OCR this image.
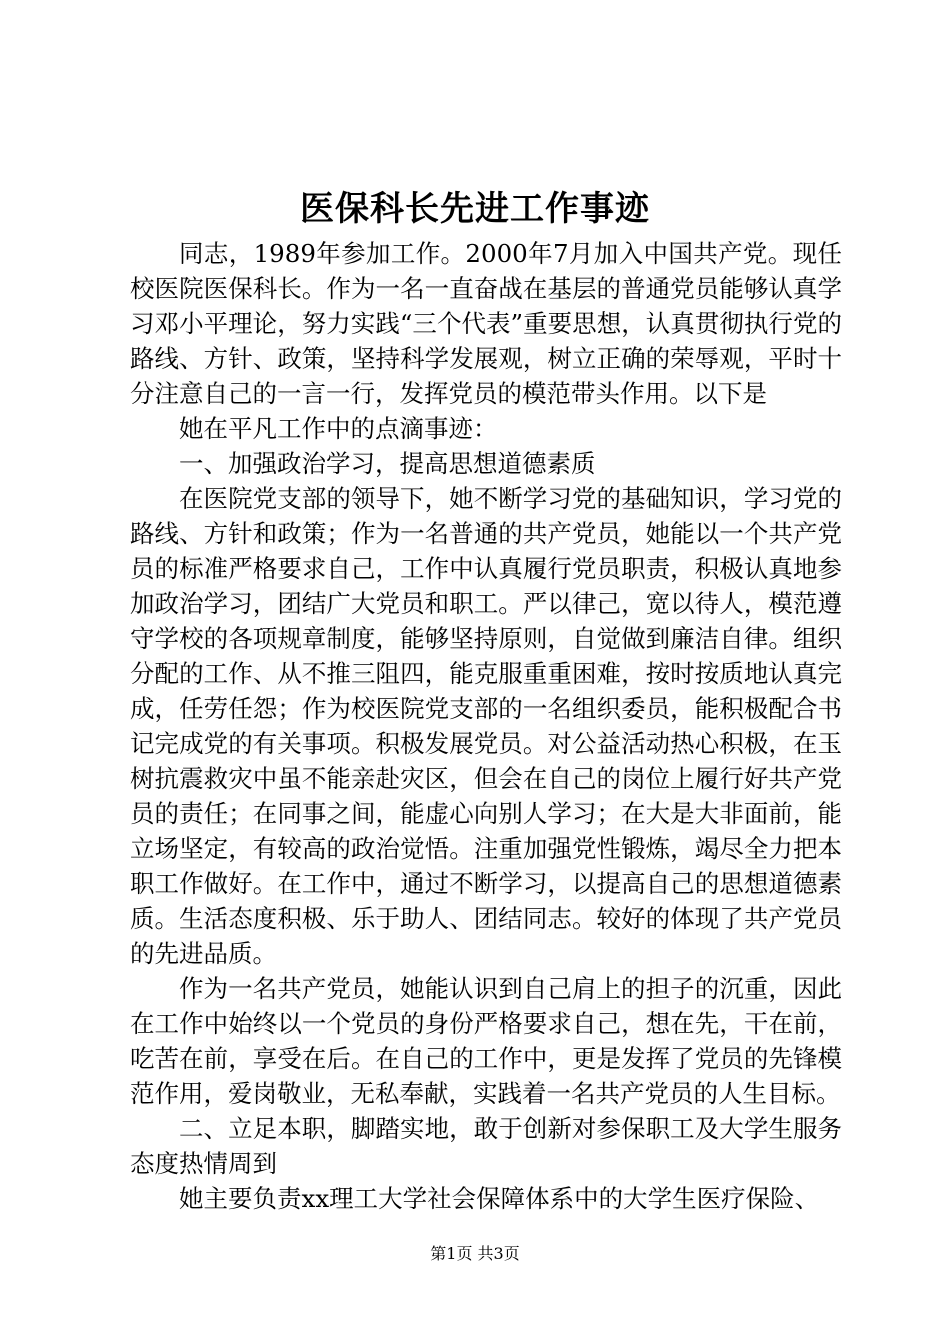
医保科长先进工作事迹

同志，1989年参加工作。2000年7月加入中国共产党。现任校医院医保科长。作为一名一直奋战在基层的普通党员能够认真学习邓小平理论，努力实践“三个代表”重要思想，认真贯彻执行党的路线、方针、政策，坚持科学发展观，树立正确的荣辱观，平时十分注意自己的一言一行，发挥党员的模范带头作用。以下是

她在平凡工作中的点滴事迹：

一、加强政治学习，提高思想道德素质

在医院党支部的领导下，她不断学习党的基础知识，学习党的路线、方针和政策；作为一名普通的共产党员，她能以一个共产党员的标准严格要求自己，工作中认真履行党员职责，积极认真地参加政治学习，团结广大党员和职工。严以律己，宽以待人，模范遵守学校的各项规章制度，能够坚持原则，自觉做到廉洁自律。组织分配的工作、从不推三阻四，能克服重重困难，按时按质地认真完成，任劳任怨；作为校医院党支部的一名组织委员，能积极配合书记完成党的有关事项。积极发展党员。对公益活动热心积极，在玉树抗震救灾中虽不能亲赴灾区，但会在自己的岗位上履行好共产党员的责任；在同事之间，能虚心向别人学习；在大是大非面前，能立场坚定，有较高的政治觉悟。注重加强党性锻炼，竭尽全力把本职工作做好。在工作中，通过不断学习，以提高自己的思想道德素质。生活态度积极、乐于助人、团结同志。较好的体现了共产党员的先进品质。

作为一名共产党员，她能认识到自己肩上的担子的沉重，因此在工作中始终以一个党员的身份严格要求自己，想在先，干在前，吃苦在前，享受在后。在自己的工作中，更是发挥了党员的先锋模范作用，爱岗敬业，无私奉献，实践着一名共产党员的人生目标。

二、立足本职，脚踏实地，敢于创新对参保职工及大学生服务态度热情周到

她主要负责xx理工大学社会保障体系中的大学生医疗保险、

第1页 共3页
